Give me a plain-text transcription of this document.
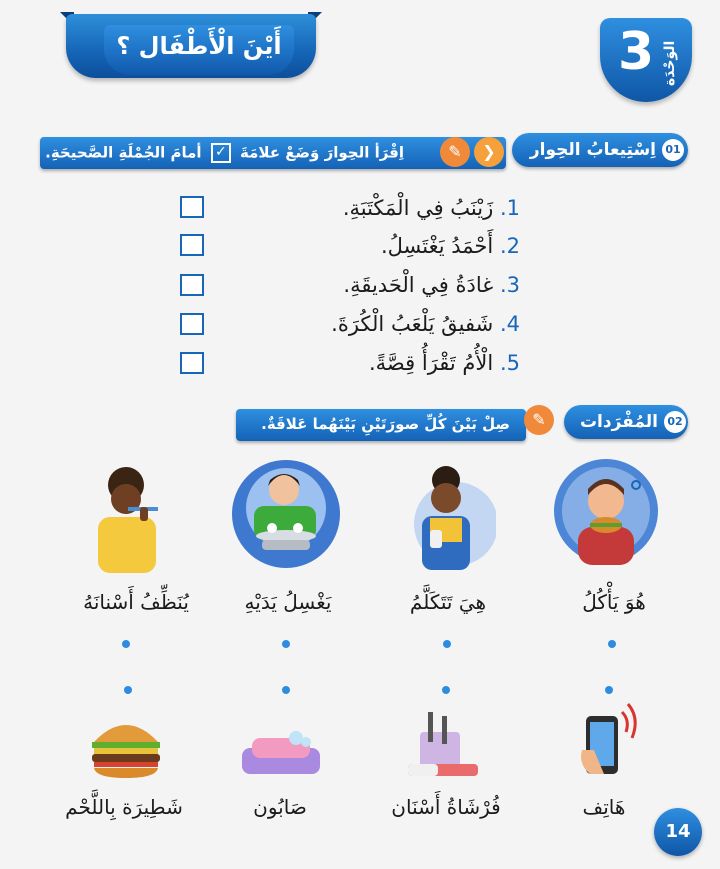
أَيْنَ الْأَطْفَال ؟	3 الوَحْدَة
اِقْرَأ الحِوارَ وَضَعْ علامَةَ ✓ أمامَ الجُمْلَةِ الصَّحيحَةِ.	✎	❯	01
اِسْتِيعابُ الحِوار
1. زَيْنَبُ فِي الْمَكْتَبَةِ.
2. أَحْمَدُ يَغْتَسِلُ.
3. غادَةُ فِي الْحَديقَةِ.
4. شَفيقُ يَلْعَبُ الْكُرَةَ.
5. الْأُمُ تَقْرَأُ قِصَّةً.
صِلْ بَيْنَ كُلِّ صورَتَيْنِ بَيْنَهُما عَلاقَةٌ.	✎	02
المُفْرَدات
هُوَ يَأْكُلُ
هِيَ تَتَكَلَّمُ
يَغْسِلُ يَدَيْهِ
يُنَظِّفُ أَسْنانَهُ
هَاتِف
فُرْشَاةُ أَسْنَان
صَابُون
شَطِيرَة بِاللَّحْم
14
